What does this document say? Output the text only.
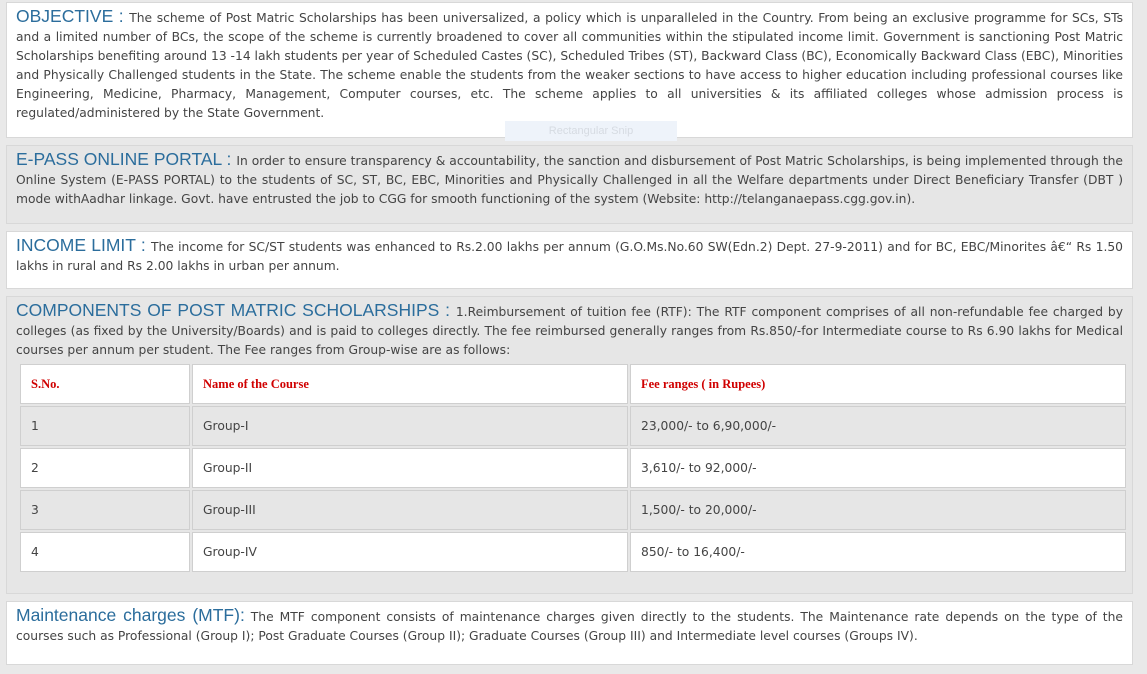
OBJECTIVE : The scheme of Post Matric Scholarships has been universalized, a policy which is unparalleled in the Country. From being an exclusive programme for SCs, STs and a limited number of BCs, the scope of the scheme is currently broadened to cover all communities within the stipulated income limit. Government is sanctioning Post Matric Scholarships benefiting around 13 -14 lakh students per year of Scheduled Castes (SC), Scheduled Tribes (ST), Backward Class (BC), Economically Backward Class (EBC), Minorities and Physically Challenged students in the State. The scheme enable the students from the weaker sections to have access to higher education including professional courses like Engineering, Medicine, Pharmacy, Management, Computer courses, etc. The scheme applies to all universities & its affiliated colleges whose admission process is regulated/administered by the State Government.

Rectangular Snip

E-PASS ONLINE PORTAL : In order to ensure transparency & accountability, the sanction and disbursement of Post Matric Scholarships, is being implemented through the Online System (E-PASS PORTAL) to the students of SC, ST, BC, EBC, Minorities and Physically Challenged in all the Welfare departments under Direct Beneficiary Transfer (DBT ) mode withAadhar linkage. Govt. have entrusted the job to CGG for smooth functioning of the system (Website: http://telanganaepass.cgg.gov.in).

INCOME LIMIT : The income for SC/ST students was enhanced to Rs.2.00 lakhs per annum (G.O.Ms.No.60 SW(Edn.2) Dept. 27-9-2011) and for BC, EBC/Minorites â€“ Rs 1.50 lakhs in rural and Rs 2.00 lakhs in urban per annum.

COMPONENTS OF POST MATRIC SCHOLARSHIPS : 1.Reimbursement of tuition fee (RTF): The RTF component comprises of all non-refundable fee charged by colleges (as fixed by the University/Boards) and is paid to colleges directly. The fee reimbursed generally ranges from Rs.850/-for Intermediate course to Rs 6.90 lakhs for Medical courses per annum per student. The Fee ranges from Group-wise are as follows:

S.No.	Name of the Course	Fee ranges ( in Rupees)
1	Group-I	23,000/- to 6,90,000/-
2	Group-II	3,610/- to 92,000/-
3	Group-III	1,500/- to 20,000/-
4	Group-IV	850/- to 16,400/-

Maintenance charges (MTF): The MTF component consists of maintenance charges given directly to the students. The Maintenance rate depends on the type of the courses such as Professional (Group I); Post Graduate Courses (Group II); Graduate Courses (Group III) and Intermediate level courses (Groups IV).
